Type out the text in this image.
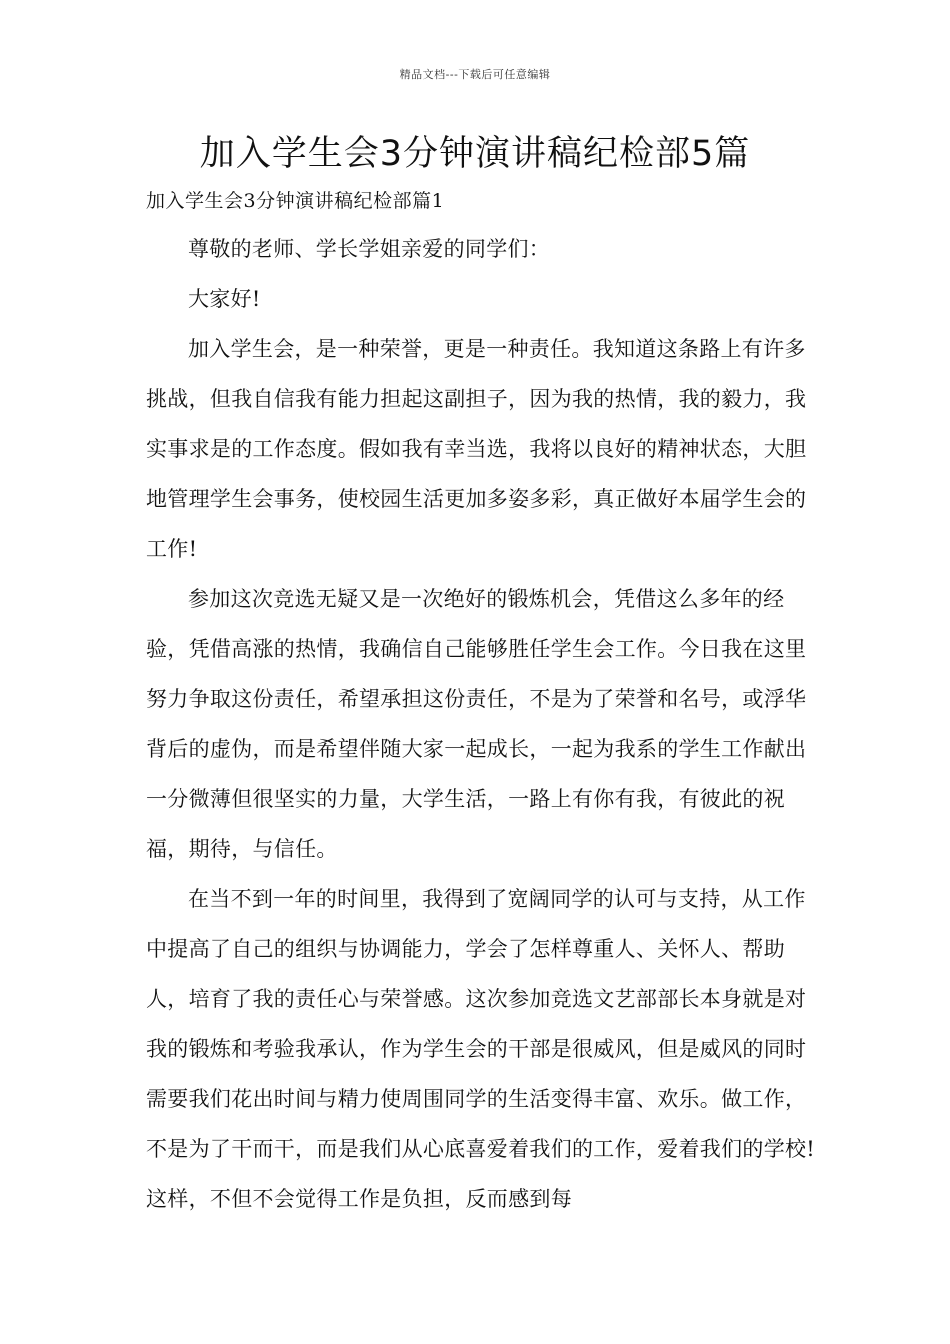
精品文档---下载后可任意编辑
加入学生会3分钟演讲稿纪检部5篇
加入学生会3分钟演讲稿纪检部篇1

尊敬的老师、学长学姐亲爱的同学们：

大家好!

加入学生会，是一种荣誉，更是一种责任。我知道这条路上有许多挑战，但我自信我有能力担起这副担子，因为我的热情，我的毅力，我实事求是的工作态度。假如我有幸当选，我将以良好的精神状态，大胆地管理学生会事务，使校园生活更加多姿多彩，真正做好本届学生会的工作!

参加这次竞选无疑又是一次绝好的锻炼机会，凭借这么多年的经验，凭借高涨的热情，我确信自己能够胜任学生会工作。今日我在这里努力争取这份责任，希望承担这份责任，不是为了荣誉和名号，或浮华背后的虚伪，而是希望伴随大家一起成长，一起为我系的学生工作献出一分微薄但很坚实的力量，大学生活，一路上有你有我，有彼此的祝福，期待，与信任。

在当不到一年的时间里，我得到了宽阔同学的认可与支持，从工作中提高了自己的组织与协调能力，学会了怎样尊重人、关怀人、帮助人，培育了我的责任心与荣誉感。这次参加竞选文艺部部长本身就是对我的锻炼和考验我承认，作为学生会的干部是很威风，但是威风的同时需要我们花出时间与精力使周围同学的生活变得丰富、欢乐。做工作，不是为了干而干，而是我们从心底喜爱着我们的工作，爱着我们的学校!这样，不但不会觉得工作是负担，反而感到每
